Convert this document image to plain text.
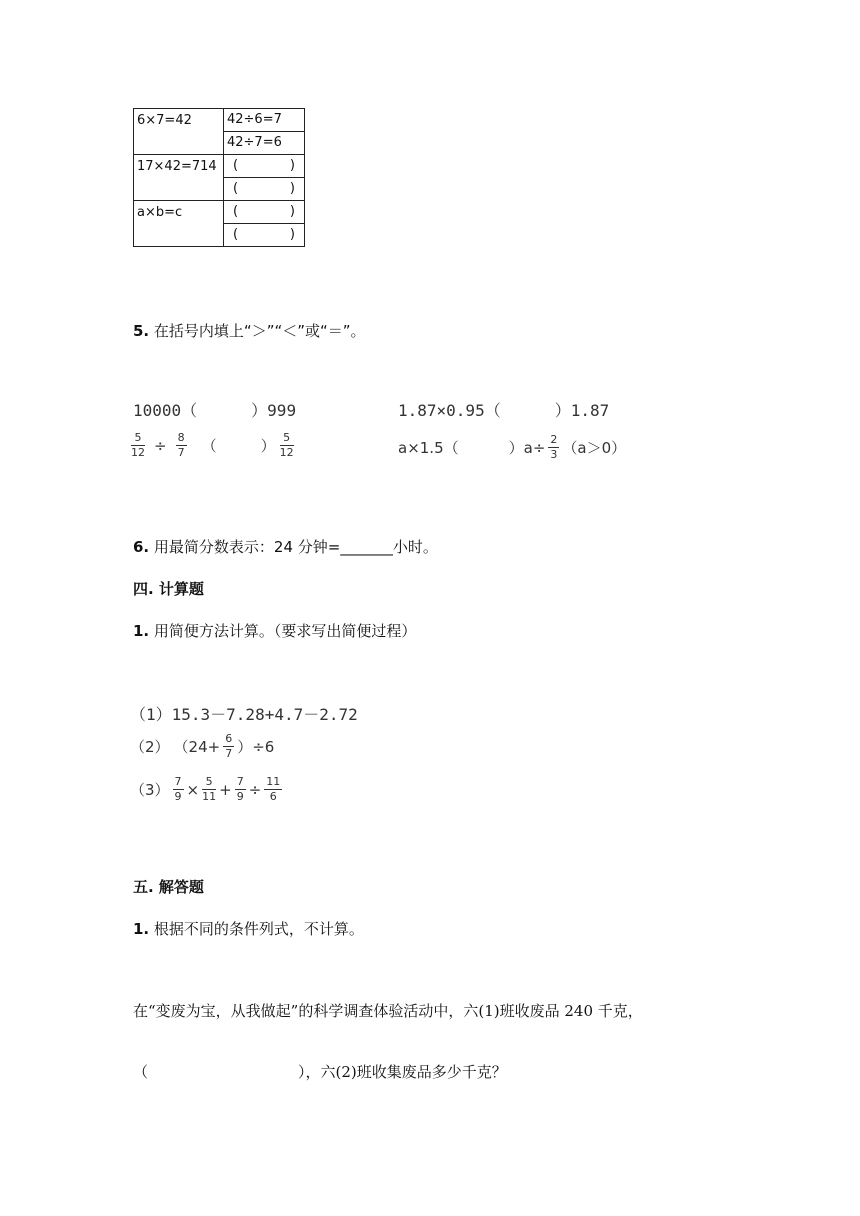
6×7=42	42÷6=7
	42÷7=6
17×42=714	( )

	( )

a×b=c	( )

	( )
5. 在括号内填上“＞”“＜”或“＝”。
10000（	）999	1.87×0.95（	）1.87
$\frac{5}{12} \div \frac{8}{7}$ （	） $\frac{5}{12}$	a×1.5（	）$a\div \frac{2}{3} (a>0)$
6. 用最简分数表示：24 分钟=_______小时。
四. 计算题
1. 用简便方法计算。（要求写出简便过程）
（1）15.3－7.28+4.7－2.72
（2） $(24+ \frac{6}{7} )\div 6$
$(3) \frac{7}{9} \times \frac{5}{11} + \frac{7}{9} \div \frac{11}{6}$
五. 解答题
1. 根据不同的条件列式，不计算。
在“变废为宝，从我做起”的科学调查体验活动中，六(1)班收废品 240 千克，
（	），六(2)班收集废品多少千克？
